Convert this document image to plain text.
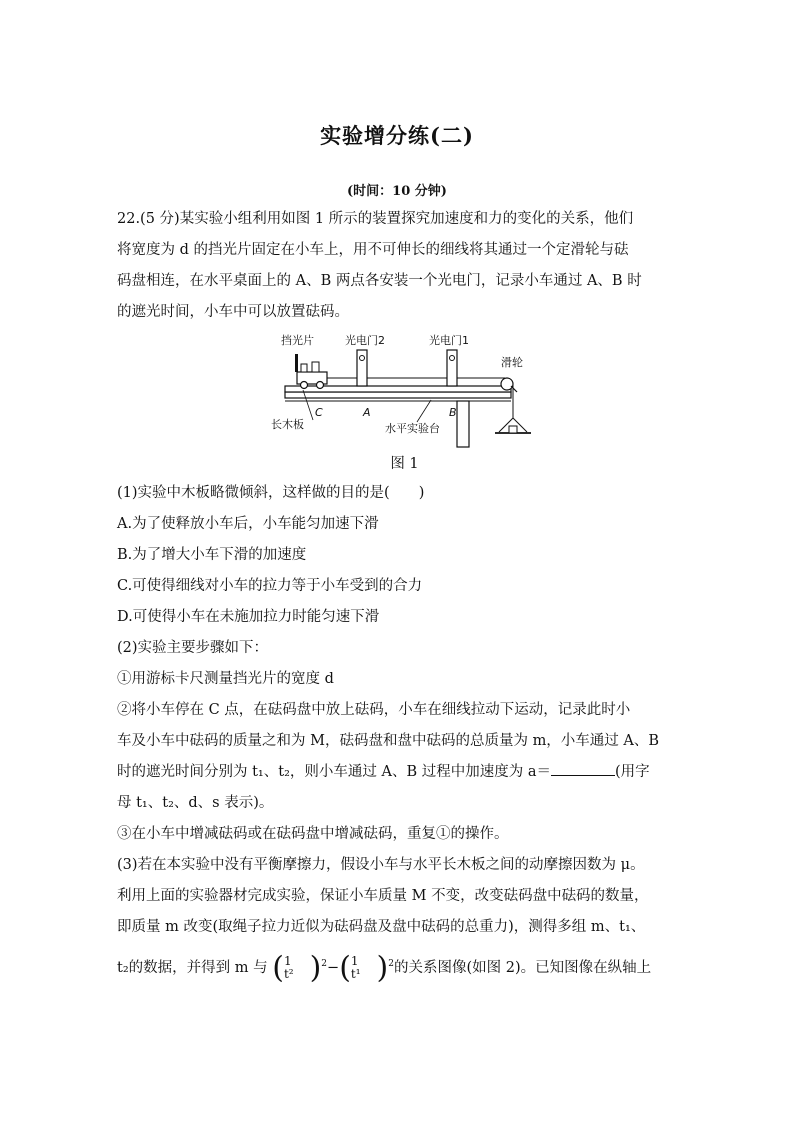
实验增分练(二)
(时间：10 分钟)

22.(5 分)某实验小组利用如图 1 所示的装置探究加速度和力的变化的关系，他们

将宽度为 d 的挡光片固定在小车上，用不可伸长的细线将其通过一个定滑轮与砝

码盘相连，在水平桌面上的 A、B 两点各安装一个光电门，记录小车通过 A、B 时

的遮光时间，小车中可以放置砝码。

挡光片	光电门2	光电门1
滑轮
长木板
C	A	B
水平实验台

图 1

(1)实验中木板略微倾斜，这样做的目的是(　　)

A.为了使释放小车后，小车能匀加速下滑

B.为了增大小车下滑的加速度

C.可使得细线对小车的拉力等于小车受到的合力

D.可使得小车在未施加拉力时能匀速下滑

(2)实验主要步骤如下：

①用游标卡尺测量挡光片的宽度 d

②将小车停在 C 点，在砝码盘中放上砝码，小车在细线拉动下运动，记录此时小

车及小车中砝码的质量之和为 M，砝码盘和盘中砝码的总质量为 m，小车通过 A、B

时的遮光时间分别为 t₁、t₂，则小车通过 A、B 过程中加速度为 a＝	(用字

母 t₁、t₂、d、s 表示)。

③在小车中增减砝码或在砝码盘中增减砝码，重复①的操作。

(3)若在本实验中没有平衡摩擦力，假设小车与水平长木板之间的动摩擦因数为 μ。

利用上面的实验器材完成实验，保证小车质量 M 不变，改变砝码盘中砝码的数量，

即质量 m 改变(取绳子拉力近似为砝码盘及盘中砝码的总重力)，测得多组 m、t₁、

t₂的数据，并得到 m 与 (1
t² )$^2$−(1
t¹ )$^2$的关系图像(如图 2)。已知图像在纵轴上
